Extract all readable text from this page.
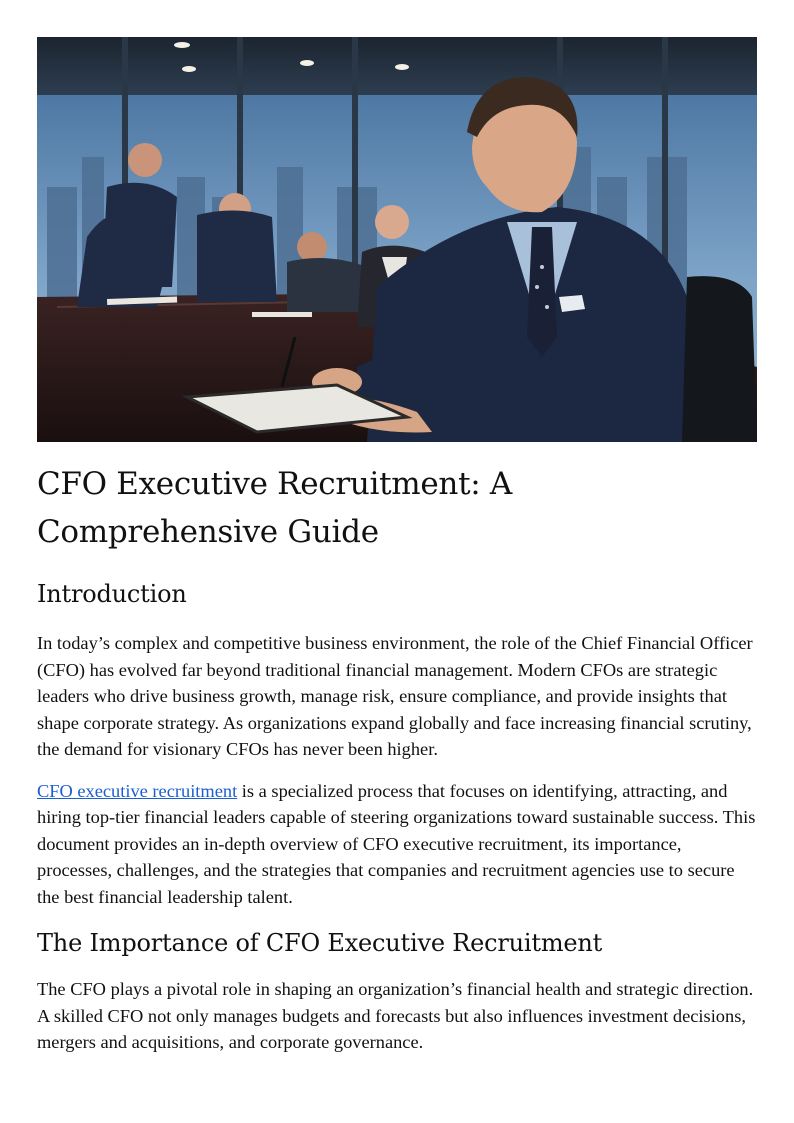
CFO Executive Recruitment: A Comprehensive Guide
Introduction

In today’s complex and competitive business environment, the role of the Chief Financial Officer (CFO) has evolved far beyond traditional financial management. Modern CFOs are strategic leaders who drive business growth, manage risk, ensure compliance, and provide insights that shape corporate strategy. As organizations expand globally and face increasing financial scrutiny, the demand for visionary CFOs has never been higher.

CFO executive recruitment is a specialized process that focuses on identifying, attracting, and hiring top-tier financial leaders capable of steering organizations toward sustainable success. This document provides an in-depth overview of CFO executive recruitment, its importance, processes, challenges, and the strategies that companies and recruitment agencies use to secure the best financial leadership talent.

The Importance of CFO Executive Recruitment

The CFO plays a pivotal role in shaping an organization’s financial health and strategic direction. A skilled CFO not only manages budgets and forecasts but also influences investment decisions, mergers and acquisitions, and corporate governance.
